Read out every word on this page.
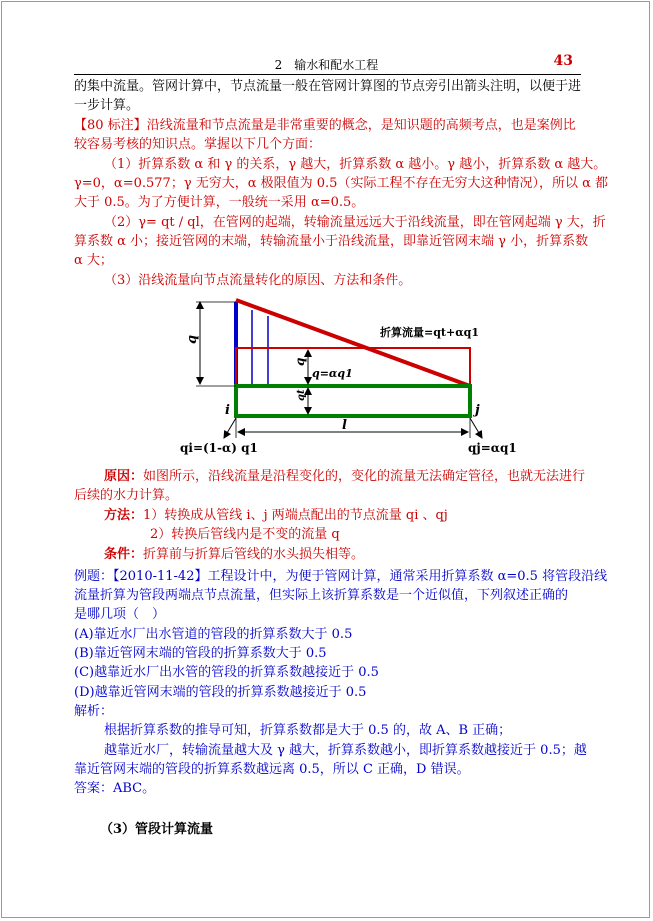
2　输水和配水工程	43
的集中流量。管网计算中，节点流量一般在管网计算图的节点旁引出箭头注明，以便于进
一步计算。
【80 标注】沿线流量和节点流量是非常重要的概念，是知识题的高频考点，也是案例比
较容易考核的知识点。掌握以下几个方面：
（1）折算系数 α 和 γ 的关系，γ 越大，折算系数 α 越小。γ 越小，折算系数 α 越大。
γ=0，α=0.577；γ 无穷大，α 极限值为 0.5（实际工程不存在无穷大这种情况），所以 α 都
大于 0.5。为了方便计算，一般统一采用 α=0.5。
（2）γ= qt / ql，在管网的起端，转输流量远远大于沿线流量，即在管网起端 γ 大，折
算系数 α 小；接近管网的末端，转输流量小于沿线流量，即靠近管网末端 γ 小，折算系数
α 大；
（3）沿线流量向节点流量转化的原因、方法和条件。
q
q
q=αq1
qt
折算流量=qt+αq1
i	j
l
qi=(1-α) q1	qj=αq1
原因：如图所示，沿线流量是沿程变化的，变化的流量无法确定管径，也就无法进行
后续的水力计算。
方法：1）转换成从管线 i、j 两端点配出的节点流量 qi 、qj
2）转换后管线内是不变的流量 q
条件：折算前与折算后管线的水头损失相等。
例题：【2010-11-42】工程设计中，为便于管网计算，通常采用折算系数 α=0.5 将管段沿线
流量折算为管段两端点节点流量，但实际上该折算系数是一个近似值，下列叙述正确的
是哪几项（　）
(A)靠近水厂出水管道的管段的折算系数大于 0.5
(B)靠近管网末端的管段的折算系数大于 0.5
(C)越靠近水厂出水管的管段的折算系数越接近于 0.5
(D)越靠近管网末端的管段的折算系数越接近于 0.5
解析：
根据折算系数的推导可知，折算系数都是大于 0.5 的，故 A、B 正确；
越靠近水厂，转输流量越大及 γ 越大，折算系数越小，即折算系数越接近于 0.5；越
靠近管网末端的管段的折算系数越远离 0.5，所以 C 正确，D 错误。
答案：ABC。
（3）管段计算流量
